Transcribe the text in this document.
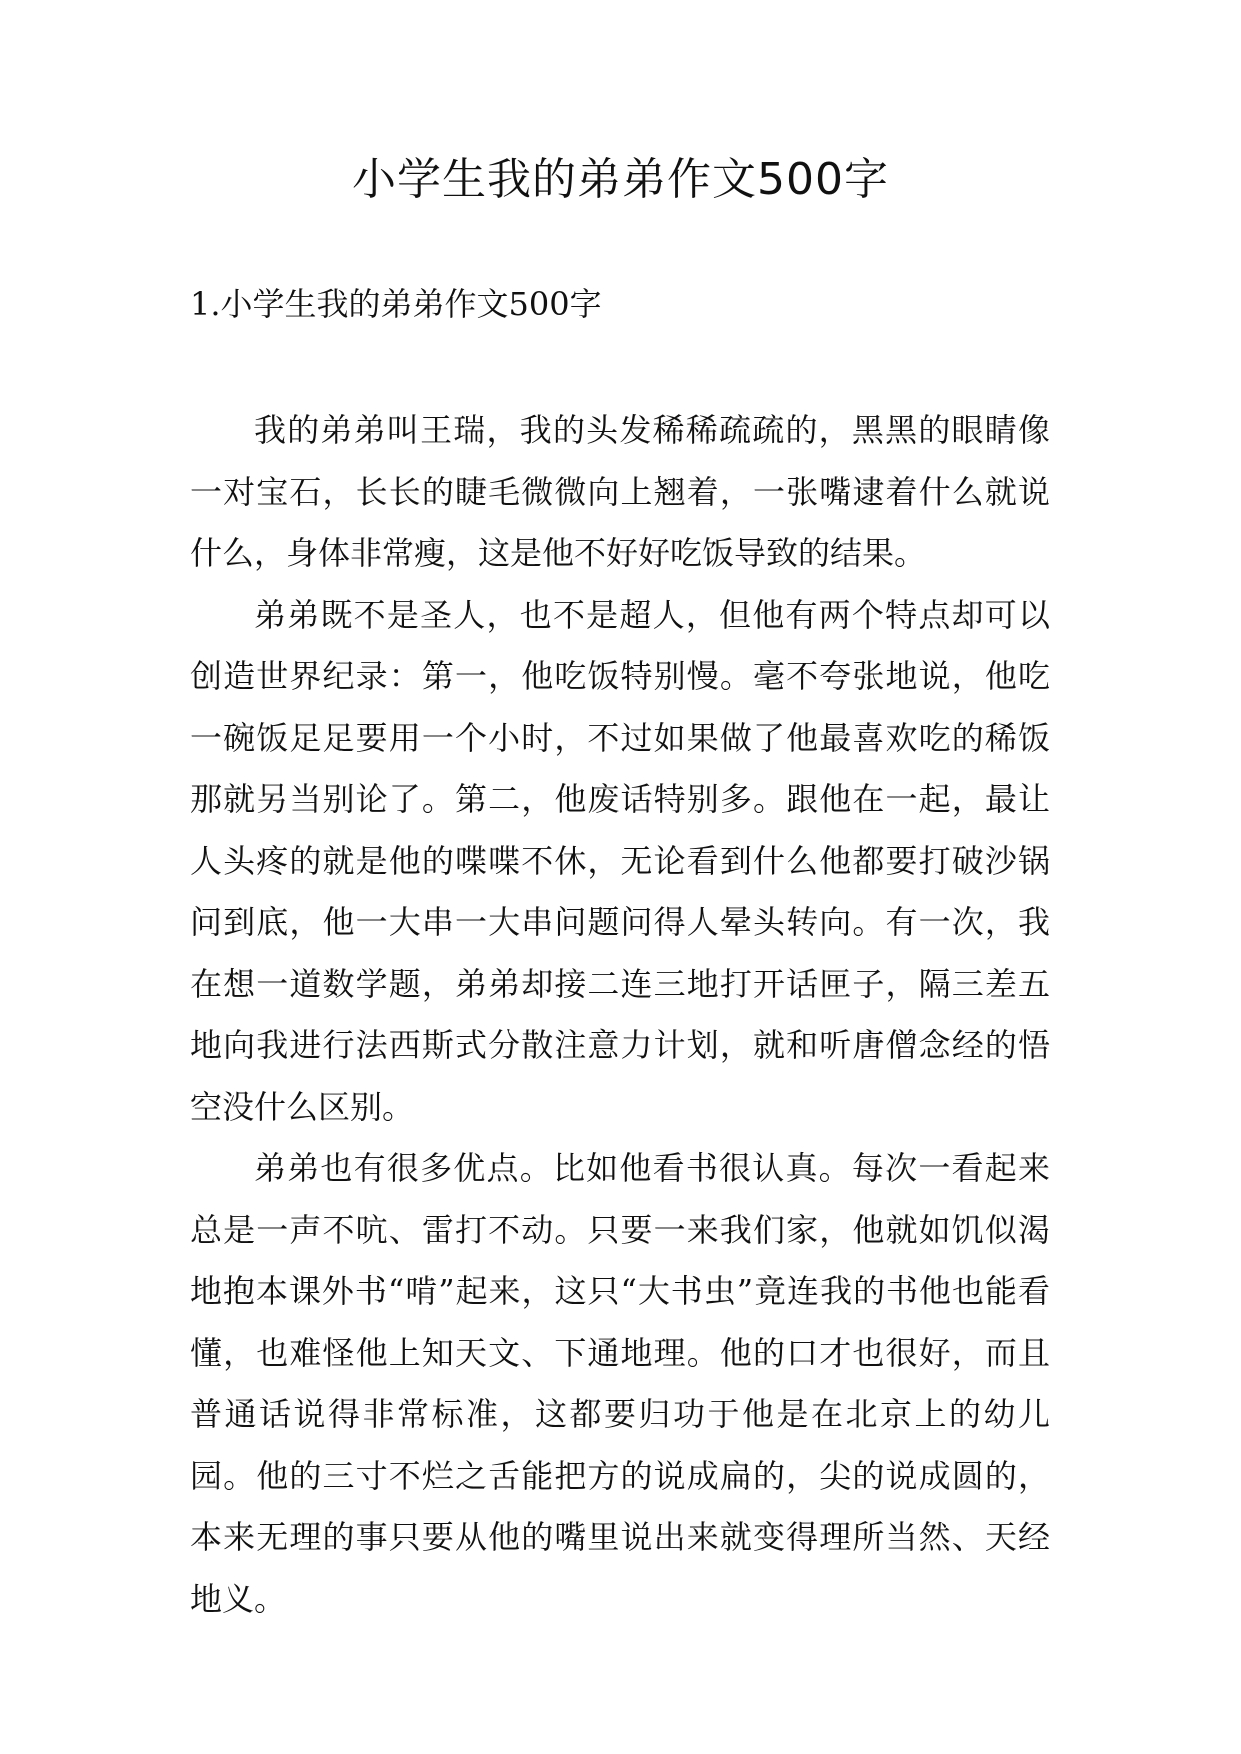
小学生我的弟弟作文500字
1.小学生我的弟弟作文500字

我的弟弟叫王瑞，我的头发稀稀疏疏的，黑黑的眼睛像一对宝石，长长的睫毛微微向上翘着，一张嘴逮着什么就说什么，身体非常瘦，这是他不好好吃饭导致的结果。

弟弟既不是圣人，也不是超人，但他有两个特点却可以创造世界纪录：第一，他吃饭特别慢。毫不夸张地说，他吃一碗饭足足要用一个小时，不过如果做了他最喜欢吃的稀饭那就另当别论了。第二，他废话特别多。跟他在一起，最让人头疼的就是他的喋喋不休，无论看到什么他都要打破沙锅问到底，他一大串一大串问题问得人晕头转向。有一次，我在想一道数学题，弟弟却接二连三地打开话匣子，隔三差五地向我进行法西斯式分散注意力计划，就和听唐僧念经的悟空没什么区别。

弟弟也有很多优点。比如他看书很认真。每次一看起来总是一声不吭、雷打不动。只要一来我们家，他就如饥似渴地抱本课外书“啃”起来，这只“大书虫”竟连我的书他也能看懂，也难怪他上知天文、下通地理。他的口才也很好，而且普通话说得非常标准，这都要归功于他是在北京上的幼儿园。他的三寸不烂之舌能把方的说成扁的，尖的说成圆的，本来无理的事只要从他的嘴里说出来就变得理所当然、天经地义。
